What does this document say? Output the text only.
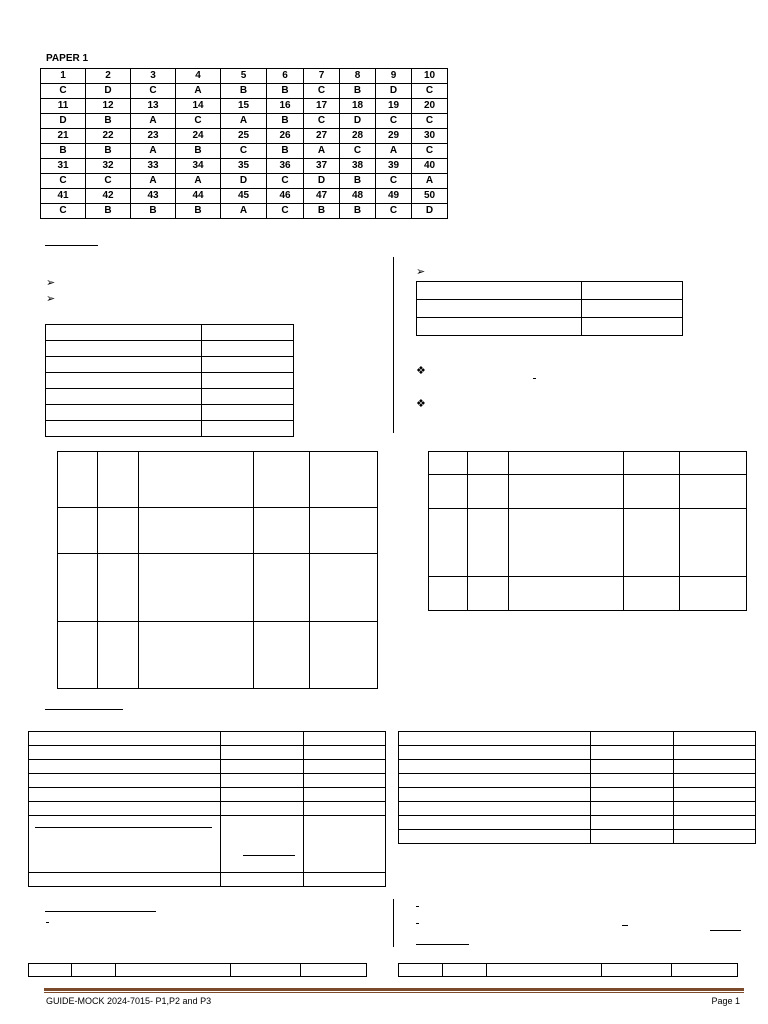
PAPER 1
1	2	3	4	5	6	7	8	9	10
C	D	C	A	B	B	C	B	D	C
11	12	13	14	15	16	17	18	19	20
D	B	A	C	A	B	C	D	C	C
21	22	23	24	25	26	27	28	29	30
B	B	A	B	C	B	A	C	A	C
31	32	33	34	35	36	37	38	39	40
C	C	A	A	D	C	D	B	C	A
41	42	43	44	45	46	47	48	49	50
C	B	B	B	A	C	B	B	C	D
➢
➢

➢

❖
❖

GUIDE-MOCK 2024-7015- P1,P2 and P3	Page 1
